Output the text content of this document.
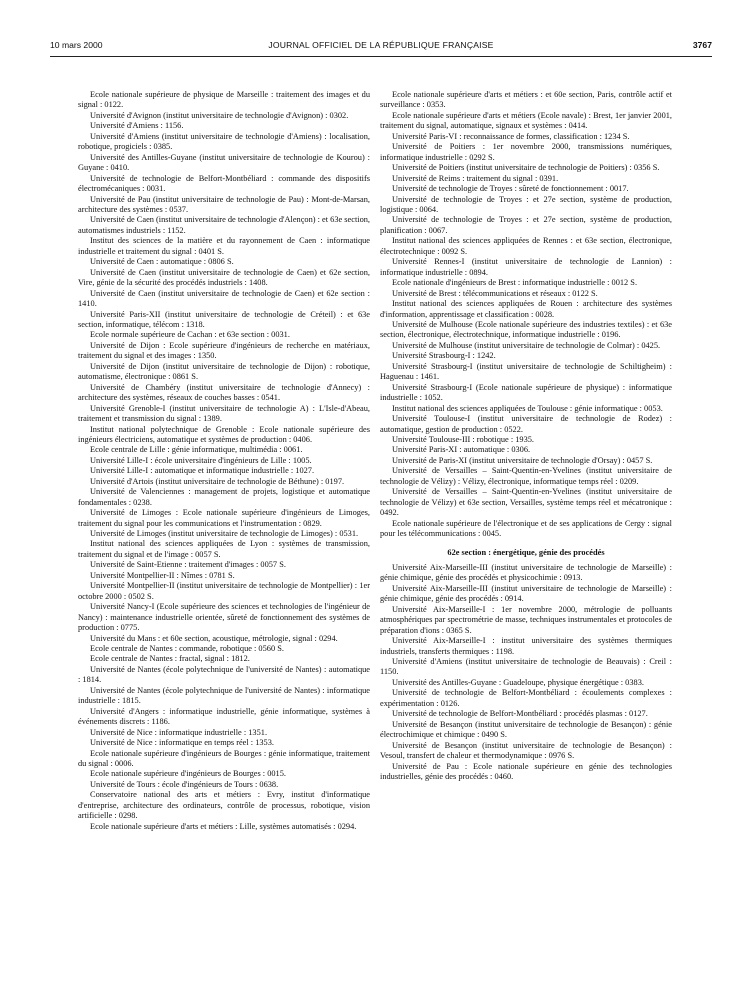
10 mars 2000	JOURNAL OFFICIEL DE LA RÉPUBLIQUE FRANÇAISE	3767

Ecole nationale supérieure de physique de Marseille : traitement des images et du signal : 0122.

Université d'Avignon (institut universitaire de technologie d'Avignon) : 0302.

Université d'Amiens : 1156.

Université d'Amiens (institut universitaire de technologie d'Amiens) : localisation, robotique, progiciels : 0385.

Université des Antilles-Guyane (institut universitaire de technologie de Kourou) : Guyane : 0410.

Université de technologie de Belfort-Montbéliard : commande des dispositifs électromécaniques : 0031.

Université de Pau (institut universitaire de technologie de Pau) : Mont-de-Marsan, architecture des systèmes : 0537.

Université de Caen (institut universitaire de technologie d'Alençon) : et 63e section, automatismes industriels : 1152.

Institut des sciences de la matière et du rayonnement de Caen : informatique industrielle et traitement du signal : 0401 S.

Université de Caen : automatique : 0806 S.

Université de Caen (institut universitaire de technologie de Caen) et 62e section, Vire, génie de la sécurité des procédés industriels : 1408.

Université de Caen (institut universitaire de technologie de Caen) et 62e section : 1410.

Université Paris-XII (institut universitaire de technologie de Créteil) : et 63e section, informatique, télécom : 1318.

Ecole normale supérieure de Cachan : et 63e section : 0031.

Université de Dijon : Ecole supérieure d'ingénieurs de recherche en matériaux, traitement du signal et des images : 1350.

Université de Dijon (institut universitaire de technologie de Dijon) : robotique, automatisme, électronique : 0861 S.

Université de Chambéry (institut universitaire de technologie d'Annecy) : architecture des systèmes, réseaux de couches basses : 0541.

Université Grenoble-I (institut universitaire de technologie A) : L'Isle-d'Abeau, traitement et transmission du signal : 1389.

Institut national polytechnique de Grenoble : Ecole nationale supérieure des ingénieurs électriciens, automatique et systèmes de production : 0406.

Ecole centrale de Lille : génie informatique, multimédia : 0061.

Université Lille-I : école universitaire d'ingénieurs de Lille : 1005.

Université Lille-I : automatique et informatique industrielle : 1027.

Université d'Artois (institut universitaire de technologie de Béthune) : 0197.

Université de Valenciennes : management de projets, logistique et automatique fondamentales : 0238.

Université de Limoges : Ecole nationale supérieure d'ingénieurs de Limoges, traitement du signal pour les communications et l'instrumentation : 0829.

Université de Limoges (institut universitaire de technologie de Limoges) : 0531.

Institut national des sciences appliquées de Lyon : systèmes de transmission, traitement du signal et de l'image : 0057 S.

Université de Saint-Etienne : traitement d'images : 0057 S.

Université Montpellier-II : Nîmes : 0781 S.

Université Montpellier-II (institut universitaire de technologie de Montpellier) : 1er octobre 2000 : 0502 S.

Université Nancy-I (Ecole supérieure des sciences et technologies de l'ingénieur de Nancy) : maintenance industrielle orientée, sûreté de fonctionnement des systèmes de production : 0775.

Université du Mans : et 60e section, acoustique, métrologie, signal : 0294.

Ecole centrale de Nantes : commande, robotique : 0560 S.

Ecole centrale de Nantes : fractal, signal : 1812.

Université de Nantes (école polytechnique de l'université de Nantes) : automatique : 1814.

Université de Nantes (école polytechnique de l'université de Nantes) : informatique industrielle : 1815.

Université d'Angers : informatique industrielle, génie informatique, systèmes à événements discrets : 1186.

Université de Nice : informatique industrielle : 1351.

Université de Nice : informatique en temps réel : 1353.

Ecole nationale supérieure d'ingénieurs de Bourges : génie informatique, traitement du signal : 0006.

Ecole nationale supérieure d'ingénieurs de Bourges : 0015.

Université de Tours : école d'ingénieurs de Tours : 0638.

Conservatoire national des arts et métiers : Evry, institut d'informatique d'entreprise, architecture des ordinateurs, contrôle de processus, robotique, vision artificielle : 0298.

Ecole nationale supérieure d'arts et métiers : Lille, systèmes automatisés : 0294.

Ecole nationale supérieure d'arts et métiers : et 60e section, Paris, contrôle actif et surveillance : 0353.

Ecole nationale supérieure d'arts et métiers (Ecole navale) : Brest, 1er janvier 2001, traitement du signal, automatique, signaux et systèmes : 0414.

Université Paris-VI : reconnaissance de formes, classification : 1234 S.

Université de Poitiers : 1er novembre 2000, transmissions numériques, informatique industrielle : 0292 S.

Université de Poitiers (institut universitaire de technologie de Poitiers) : 0356 S.

Université de Reims : traitement du signal : 0391.

Université de technologie de Troyes : sûreté de fonctionnement : 0017.

Université de technologie de Troyes : et 27e section, système de production, logistique : 0064.

Université de technologie de Troyes : et 27e section, système de production, planification : 0067.

Institut national des sciences appliquées de Rennes : et 63e section, électronique, électrotechnique : 0092 S.

Université Rennes-I (institut universitaire de technologie de Lannion) : informatique industrielle : 0894.

Ecole nationale d'ingénieurs de Brest : informatique industrielle : 0012 S.

Université de Brest : télécommunications et réseaux : 0122 S.

Institut national des sciences appliquées de Rouen : architecture des systèmes d'information, apprentissage et classification : 0028.

Université de Mulhouse (Ecole nationale supérieure des industries textiles) : et 63e section, électronique, électrotechnique, informatique industrielle : 0196.

Université de Mulhouse (institut universitaire de technologie de Colmar) : 0425.

Université Strasbourg-I : 1242.

Université Strasbourg-I (institut universitaire de technologie de Schiltigheim) : Haguenau : 1461.

Université Strasbourg-I (Ecole nationale supérieure de physique) : informatique industrielle : 1052.

Institut national des sciences appliquées de Toulouse : génie informatique : 0053.

Université Toulouse-I (institut universitaire de technologie de Rodez) : automatique, gestion de production : 0522.

Université Toulouse-III : robotique : 1935.

Université Paris-XI : automatique : 0306.

Université de Paris-XI (institut universitaire de technologie d'Orsay) : 0457 S.

Université de Versailles – Saint-Quentin-en-Yvelines (institut universitaire de technologie de Vélizy) : Vélizy, électronique, informatique temps réel : 0209.

Université de Versailles – Saint-Quentin-en-Yvelines (institut universitaire de technologie de Vélizy) et 63e section, Versailles, système temps réel et mécatronique : 0492.

Ecole nationale supérieure de l'électronique et de ses applications de Cergy : signal pour les télécommunications : 0045.

62e section : énergétique, génie des procédés

Université Aix-Marseille-III (institut universitaire de technologie de Marseille) : génie chimique, génie des procédés et physicochimie : 0913.

Université Aix-Marseille-III (institut universitaire de technologie de Marseille) : génie chimique, génie des procédés : 0914.

Université Aix-Marseille-I : 1er novembre 2000, métrologie de polluants atmosphériques par spectrométrie de masse, techniques instrumentales et protocoles de préparation d'ions : 0365 S.

Université Aix-Marseille-I : institut universitaire des systèmes thermiques industriels, transferts thermiques : 1198.

Université d'Amiens (institut universitaire de technologie de Beauvais) : Creil : 1150.

Université des Antilles-Guyane : Guadeloupe, physique énergétique : 0383.

Université de technologie de Belfort-Montbéliard : écoulements complexes : expérimentation : 0126.

Université de technologie de Belfort-Montbéliard : procédés plasmas : 0127.

Université de Besançon (institut universitaire de technologie de Besançon) : génie électrochimique et chimique : 0490 S.

Université de Besançon (institut universitaire de technologie de Besançon) : Vesoul, transfert de chaleur et thermodynamique : 0976 S.

Université de Pau : Ecole nationale supérieure en génie des technologies industrielles, génie des procédés : 0460.
